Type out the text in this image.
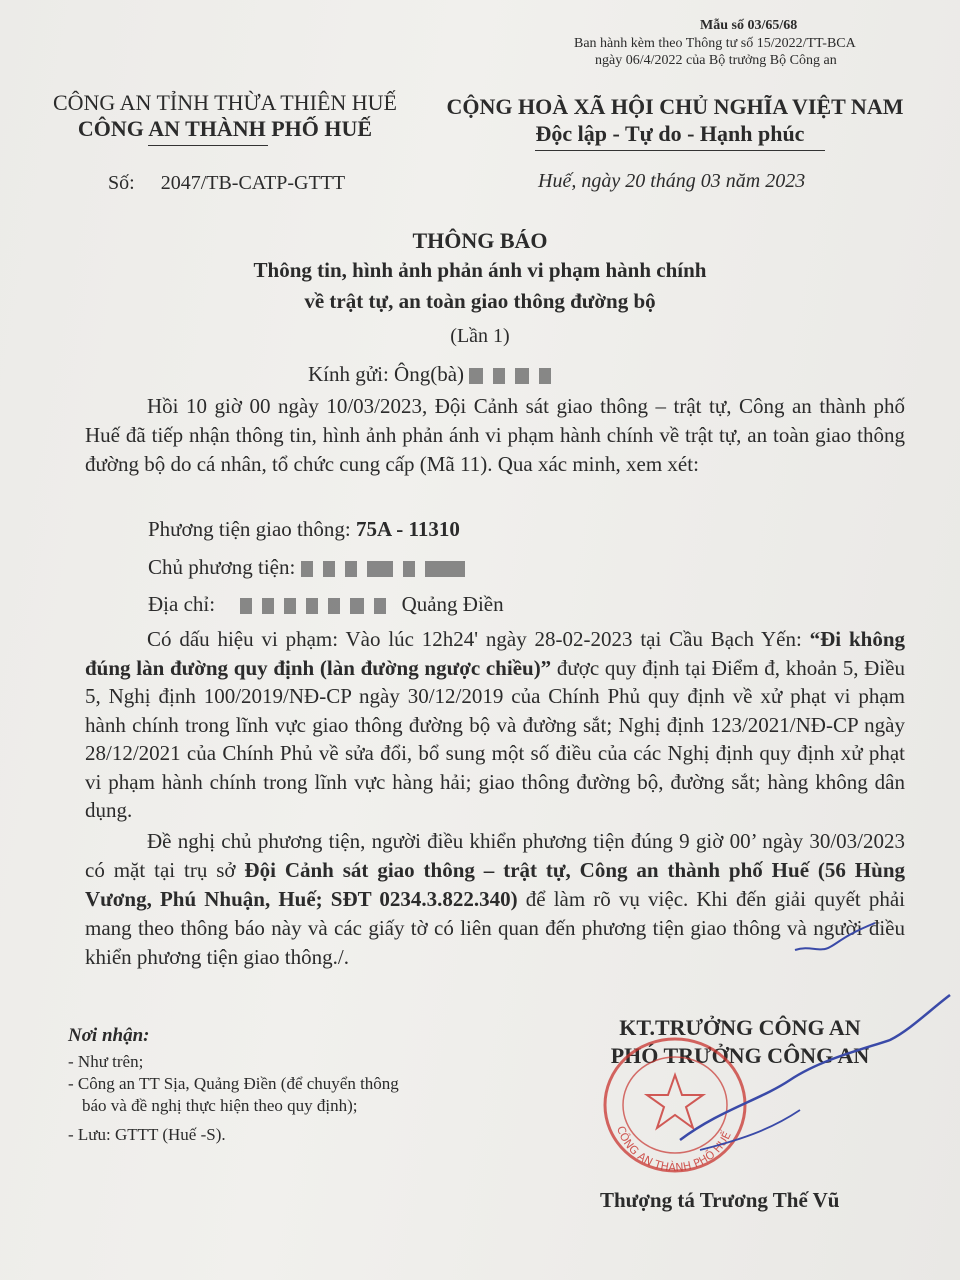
Mẫu số 03/65/68
Ban hành kèm theo Thông tư số 15/2022/TT-BCA
ngày 06/4/2022 của Bộ trưởng Bộ Công an
CÔNG AN TỈNH THỪA THIÊN HUẾ
CÔNG AN THÀNH PHỐ HUẾ
CỘNG HOÀ XÃ HỘI CHỦ NGHĨA VIỆT NAM
Độc lập - Tự do - Hạnh phúc
Số: 2047/TB-CATP-GTTT	Huế, ngày 20 tháng 03 năm 2023
THÔNG BÁO
Thông tin, hình ảnh phản ánh vi phạm hành chính
về trật tự, an toàn giao thông đường bộ
(Lần 1)
Kính gửi: Ông(bà)
Hồi 10 giờ 00 ngày 10/03/2023, Đội Cảnh sát giao thông – trật tự, Công an thành phố Huế đã tiếp nhận thông tin, hình ảnh phản ánh vi phạm hành chính về trật tự, an toàn giao thông đường bộ do cá nhân, tổ chức cung cấp (Mã 11). Qua xác minh, xem xét:
Phương tiện giao thông: 75A - 11310
Chủ phương tiện:
Địa chỉ:	Quảng Điền
Có dấu hiệu vi phạm: Vào lúc 12h24' ngày 28-02-2023 tại Cầu Bạch Yến: “Đi không đúng làn đường quy định (làn đường ngược chiều)” được quy định tại Điểm đ, khoản 5, Điều 5, Nghị định 100/2019/NĐ-CP ngày 30/12/2019 của Chính Phủ quy định về xử phạt vi phạm hành chính trong lĩnh vực giao thông đường bộ và đường sắt; Nghị định 123/2021/NĐ-CP ngày 28/12/2021 của Chính Phủ về sửa đổi, bổ sung một số điều của các Nghị định quy định xử phạt vi phạm hành chính trong lĩnh vực hàng hải; giao thông đường bộ, đường sắt; hàng không dân dụng.
Đề nghị chủ phương tiện, người điều khiển phương tiện đúng 9 giờ 00’ ngày 30/03/2023 có mặt tại trụ sở Đội Cảnh sát giao thông – trật tự, Công an thành phố Huế (56 Hùng Vương, Phú Nhuận, Huế; SĐT 0234.3.822.340) để làm rõ vụ việc. Khi đến giải quyết phải mang theo thông báo này và các giấy tờ có liên quan đến phương tiện giao thông và người điều khiển phương tiện giao thông./.
Nơi nhận:
- Như trên;
- Công an TT Sịa, Quảng Điền (để chuyển thông
báo và đề nghị thực hiện theo quy định);
- Lưu: GTTT (Huế -S).
KT.TRƯỞNG CÔNG AN
PHÓ TRƯỞNG CÔNG AN
CÔNG AN THÀNH PHỐ HUẾ
Thượng tá Trương Thế Vũ
